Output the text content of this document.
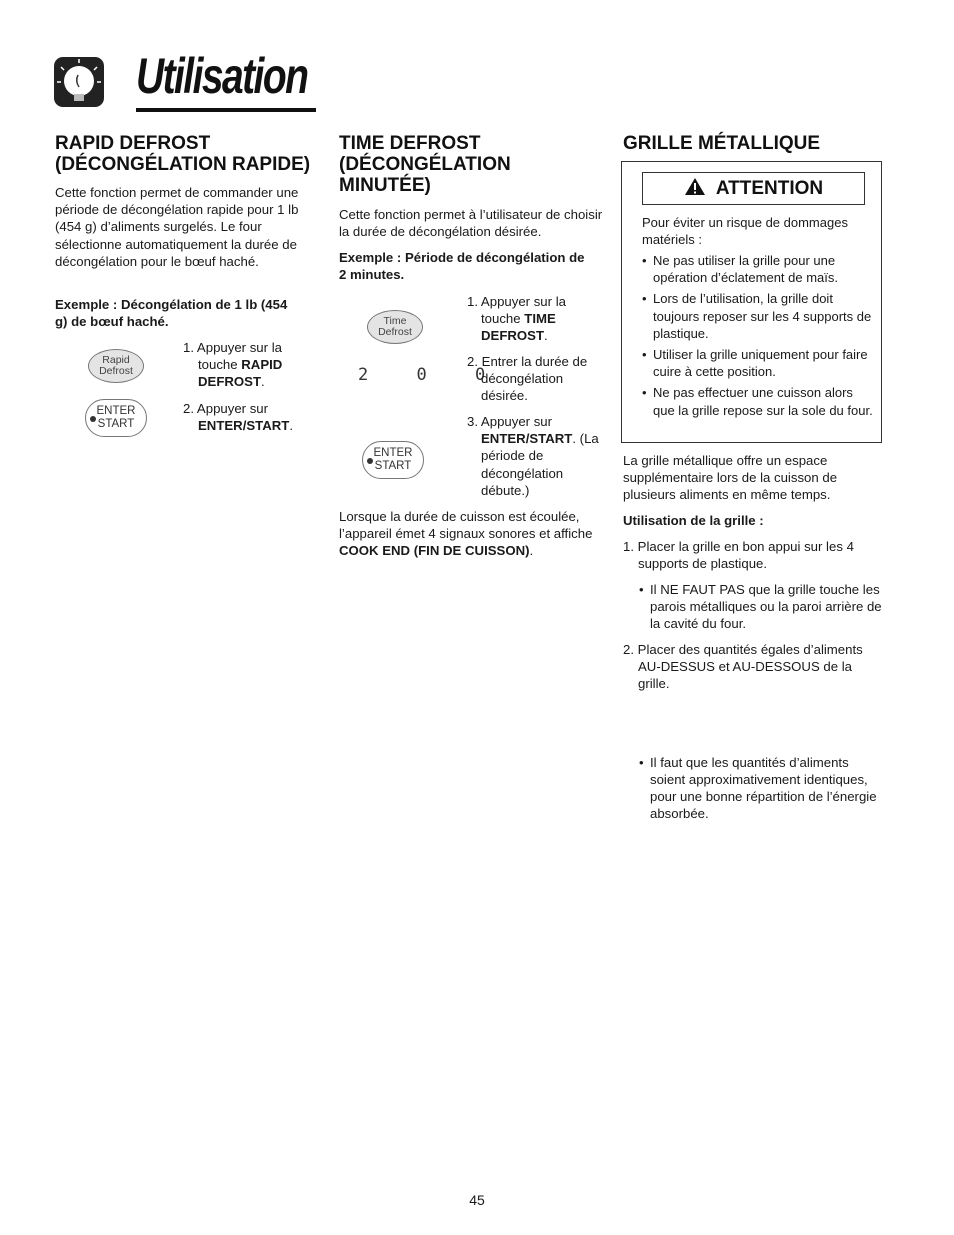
Utilisation
RAPID DEFROST (DÉCONGÉLATION RAPIDE)

Cette fonction permet de commander une période de décongélation rapide pour 1 lb (454 g) d’aliments surgelés. Le four sélectionne automatiquement la durée de décongélation pour le bœuf haché.

Exemple : Décongélation de 1 lb (454 g) de bœuf haché.

Rapid
Defrost
ENTER
START

1. Appuyer sur la touche RAPID DEFROST.

2. Appuyer sur ENTER/START.

TIME DEFROST (DÉCONGÉLATION MINUTÉE)

Cette fonction permet à l’utilisateur de choisir la durée de décongélation désirée.

Exemple : Période de décongélation de 2 minutes.

Time
Defrost
2 0 0
ENTER
START

1. Appuyer sur la touche TIME DEFROST.

2. Entrer la durée de décongélation désirée.

3. Appuyer sur ENTER/START. (La période de décongélation débute.)

Lorsque la durée de cuisson est écoulée, l’appareil émet 4 signaux sonores et affiche COOK END (FIN DE CUISSON).

GRILLE MÉTALLIQUE
ATTENTION

Pour éviter un risque de dommages matériels :

• Ne pas utiliser la grille pour une opération d’éclatement de maïs.
• Lors de l’utilisation, la grille doit toujours reposer sur les 4 supports de plastique.
• Utiliser la grille uniquement pour faire cuire à cette position.
• Ne pas effectuer une cuisson alors que la grille repose sur la sole du four.

La grille métallique offre un espace supplémentaire lors de la cuisson de plusieurs aliments en même temps.

Utilisation de la grille :

1. Placer la grille en bon appui sur les 4 supports de plastique.

• Il NE FAUT PAS que la grille touche les parois métalliques ou la paroi arrière de la cavité du four.

2. Placer des quantités égales d’aliments AU-DESSUS et AU-DESSOUS de la grille.

• Il faut que les quantités d’aliments soient approximativement identiques, pour une bonne répartition de l’énergie absorbée.

45
